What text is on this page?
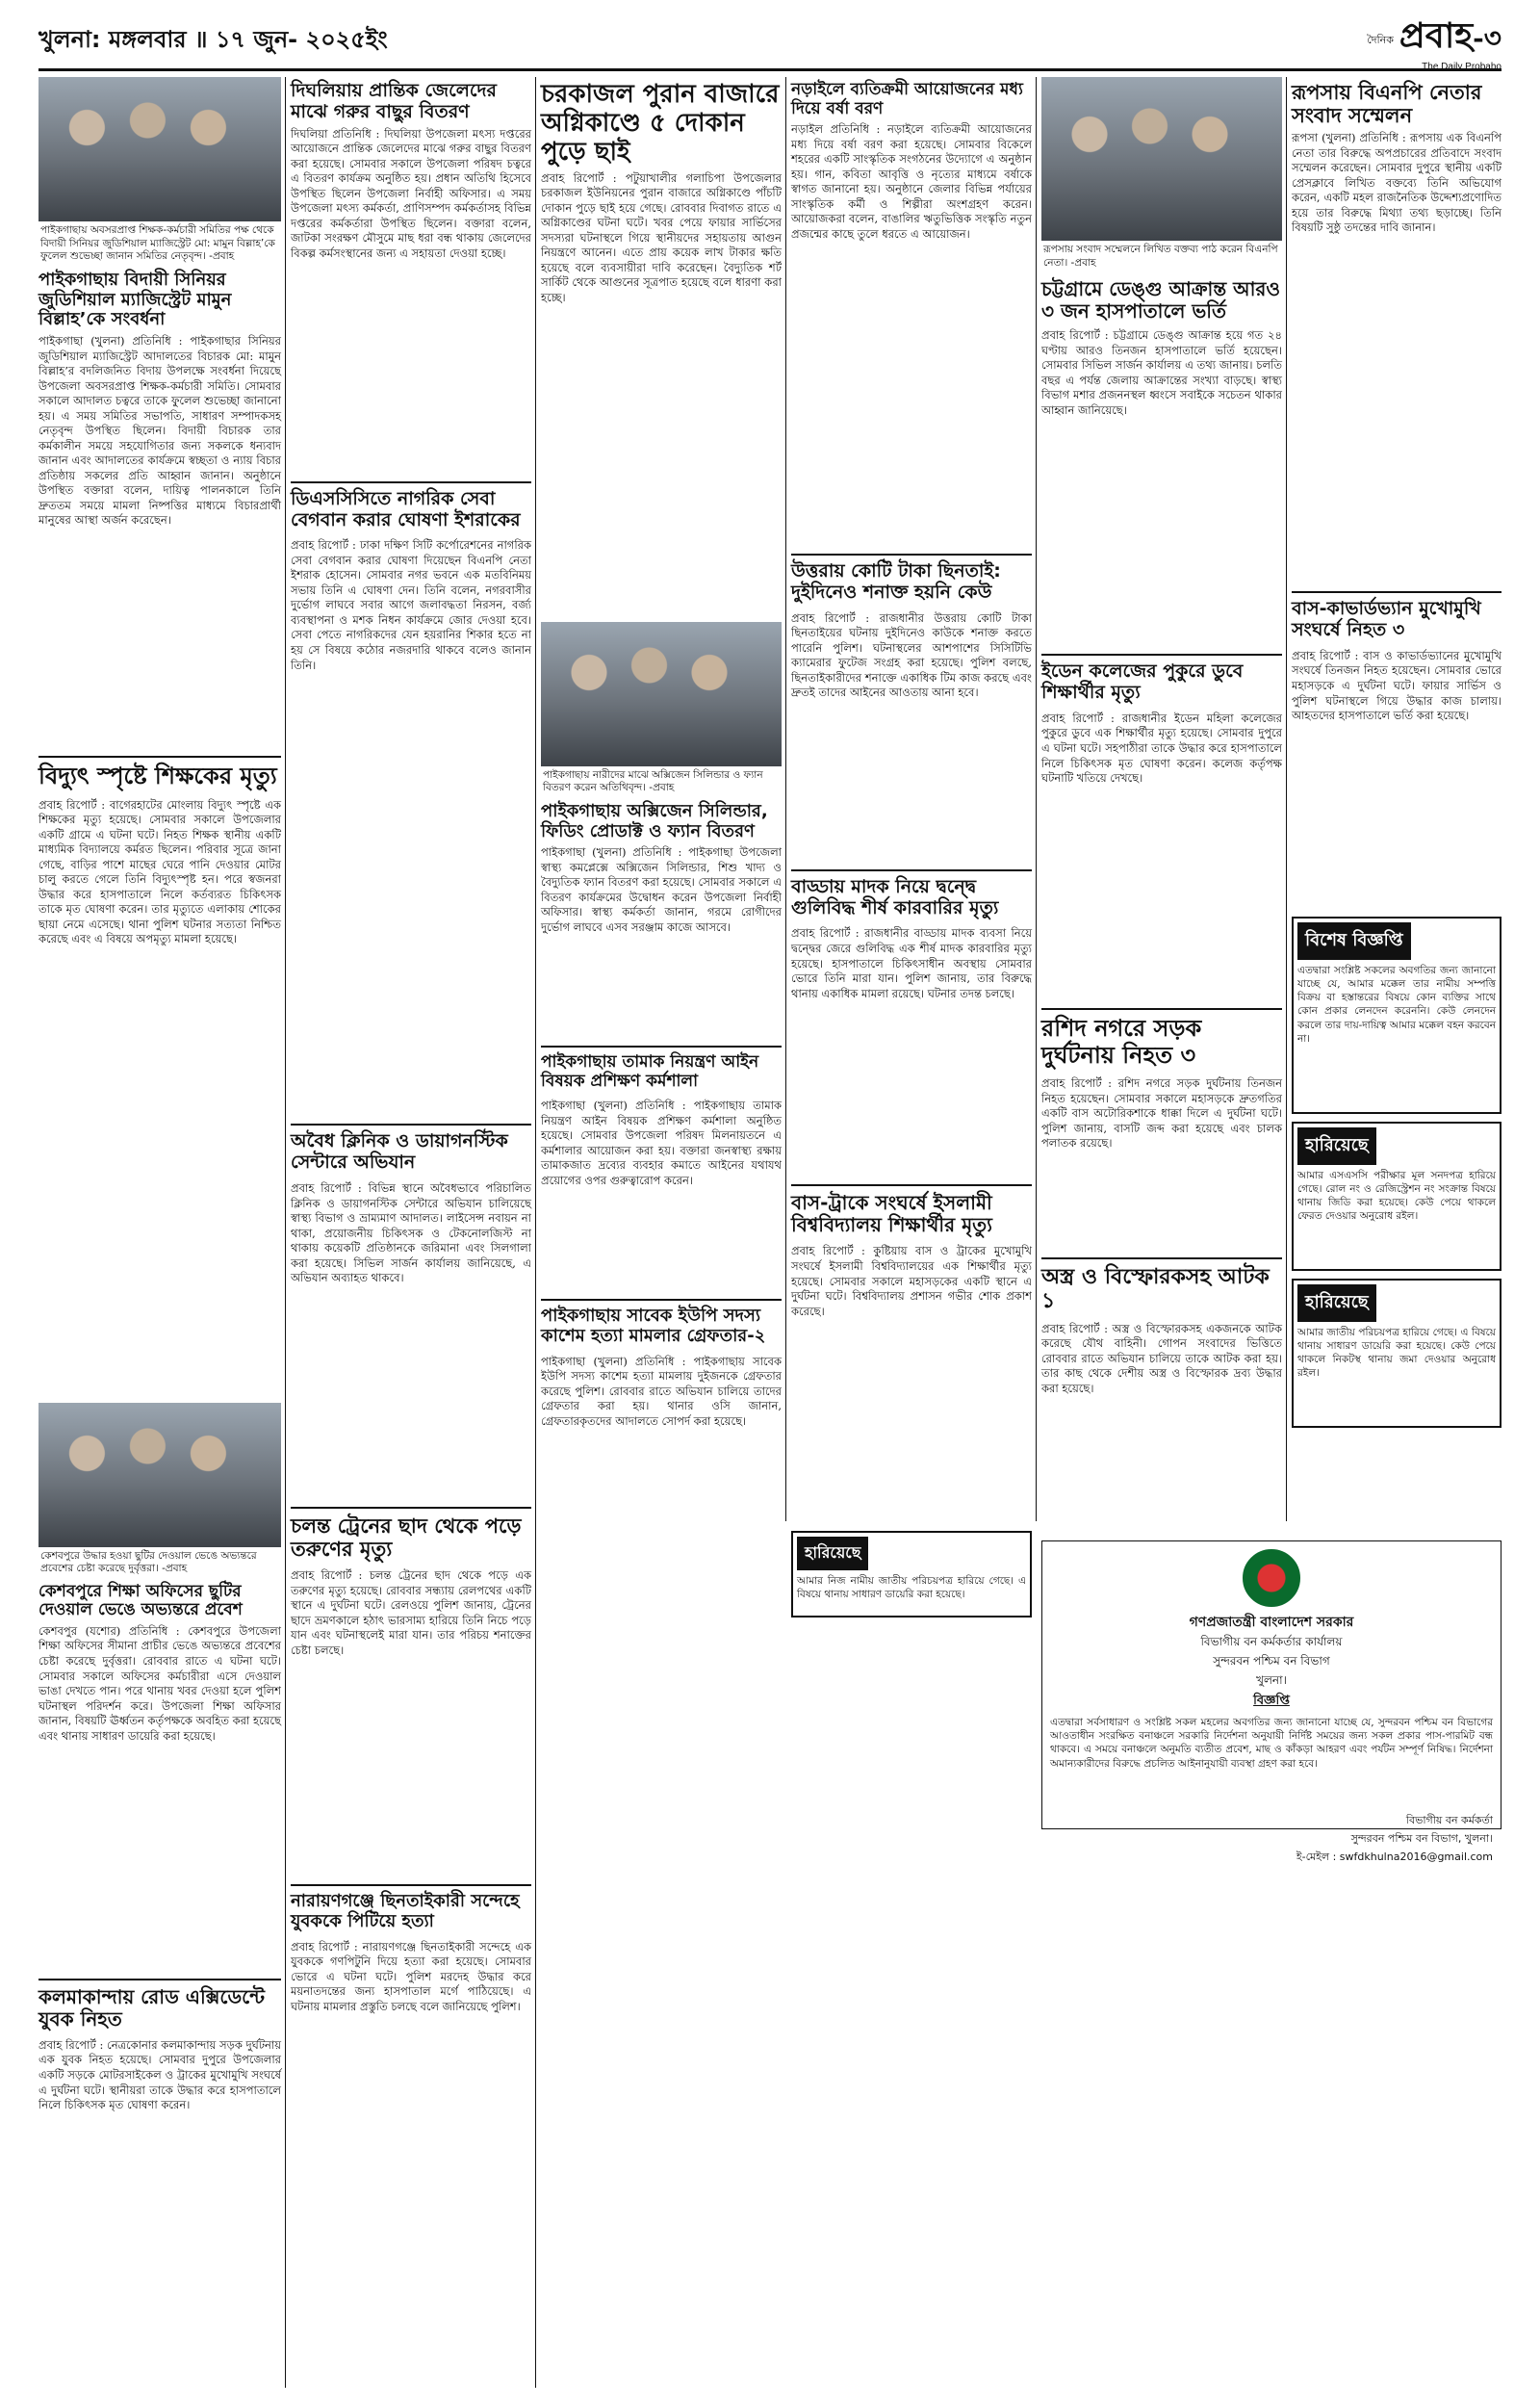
খুলনা: মঙ্গলবার ॥ ১৭ জুন- ২০২৫ইং	দৈনিক প্রবাহ-৩
The Daily Probaho
পাইকগাছায় অবসরপ্রাপ্ত শিক্ষক-কর্মচারী সমিতির পক্ষ থেকে বিদায়ী সিনিয়র জুডিশিয়াল ম্যাজিস্ট্রেট মো: মামুন বিল্লাহ’কে ফুলেল শুভেচ্ছা জানান সমিতির নেতৃবৃন্দ। -প্রবাহ
পাইকগাছায় বিদায়ী সিনিয়র জুডিশিয়াল ম্যাজিস্ট্রেট মামুন বিল্লাহ’কে সংবর্ধনা

পাইকগাছা (খুলনা) প্রতিনিধি : পাইকগাছার সিনিয়র জুডিশিয়াল ম্যাজিস্ট্রেট আদালতের বিচারক মো: মামুন বিল্লাহ’র বদলিজনিত বিদায় উপলক্ষে সংবর্ধনা দিয়েছে উপজেলা অবসরপ্রাপ্ত শিক্ষক-কর্মচারী সমিতি। সোমবার সকালে আদালত চত্বরে তাকে ফুলেল শুভেচ্ছা জানানো হয়। এ সময় সমিতির সভাপতি, সাধারণ সম্পাদকসহ নেতৃবৃন্দ উপস্থিত ছিলেন। বিদায়ী বিচারক তার কর্মকালীন সময়ে সহযোগিতার জন্য সকলকে ধন্যবাদ জানান এবং আদালতের কার্যক্রমে স্বচ্ছতা ও ন্যায় বিচার প্রতিষ্ঠায় সকলের প্রতি আহ্বান জানান। অনুষ্ঠানে উপস্থিত বক্তারা বলেন, দায়িত্ব পালনকালে তিনি দ্রুততম সময়ে মামলা নিষ্পত্তির মাধ্যমে বিচারপ্রার্থী মানুষের আস্থা অর্জন করেছেন।

বিদ্যুৎ স্পৃষ্টে শিক্ষকের মৃত্যু

প্রবাহ রিপোর্ট : বাগেরহাটের মোংলায় বিদ্যুৎ স্পৃষ্টে এক শিক্ষকের মৃত্যু হয়েছে। সোমবার সকালে উপজেলার একটি গ্রামে এ ঘটনা ঘটে। নিহত শিক্ষক স্থানীয় একটি মাধ্যমিক বিদ্যালয়ে কর্মরত ছিলেন। পরিবার সূত্রে জানা গেছে, বাড়ির পাশে মাছের ঘেরে পানি দেওয়ার মোটর চালু করতে গেলে তিনি বিদ্যুৎস্পৃষ্ট হন। পরে স্বজনরা উদ্ধার করে হাসপাতালে নিলে কর্তব্যরত চিকিৎসক তাকে মৃত ঘোষণা করেন। তার মৃত্যুতে এলাকায় শোকের ছায়া নেমে এসেছে। থানা পুলিশ ঘটনার সত্যতা নিশ্চিত করেছে এবং এ বিষয়ে অপমৃত্যু মামলা হয়েছে।

কেশবপুরে উদ্ধার হওয়া ছুটির দেওয়াল ভেঙে অভ্যন্তরে প্রবেশের চেষ্টা করেছে দুর্বৃত্তরা। -প্রবাহ
কেশবপুরে শিক্ষা অফিসের ছুটির দেওয়াল ভেঙে অভ্যন্তরে প্রবেশ

কেশবপুর (যশোর) প্রতিনিধি : কেশবপুরে উপজেলা শিক্ষা অফিসের সীমানা প্রাচীর ভেঙে অভ্যন্তরে প্রবেশের চেষ্টা করেছে দুর্বৃত্তরা। রোববার রাতে এ ঘটনা ঘটে। সোমবার সকালে অফিসের কর্মচারীরা এসে দেওয়াল ভাঙা দেখতে পান। পরে থানায় খবর দেওয়া হলে পুলিশ ঘটনাস্থল পরিদর্শন করে। উপজেলা শিক্ষা অফিসার জানান, বিষয়টি ঊর্ধ্বতন কর্তৃপক্ষকে অবহিত করা হয়েছে এবং থানায় সাধারণ ডায়েরি করা হয়েছে।

কলমাকান্দায় রোড এক্সিডেন্টে যুবক নিহত

প্রবাহ রিপোর্ট : নেত্রকোনার কলমাকান্দায় সড়ক দুর্ঘটনায় এক যুবক নিহত হয়েছে। সোমবার দুপুরে উপজেলার একটি সড়কে মোটরসাইকেল ও ট্রাকের মুখোমুখি সংঘর্ষে এ দুর্ঘটনা ঘটে। স্থানীয়রা তাকে উদ্ধার করে হাসপাতালে নিলে চিকিৎসক মৃত ঘোষণা করেন।

দিঘলিয়ায় প্রান্তিক জেলেদের মাঝে গরুর বাছুর বিতরণ

দিঘলিয়া প্রতিনিধি : দিঘলিয়া উপজেলা মৎস্য দপ্তরের আয়োজনে প্রান্তিক জেলেদের মাঝে গরুর বাছুর বিতরণ করা হয়েছে। সোমবার সকালে উপজেলা পরিষদ চত্বরে এ বিতরণ কার্যক্রম অনুষ্ঠিত হয়। প্রধান অতিথি হিসেবে উপস্থিত ছিলেন উপজেলা নির্বাহী অফিসার। এ সময় উপজেলা মৎস্য কর্মকর্তা, প্রাণিসম্পদ কর্মকর্তাসহ বিভিন্ন দপ্তরের কর্মকর্তারা উপস্থিত ছিলেন। বক্তারা বলেন, জাটকা সংরক্ষণ মৌসুমে মাছ ধরা বন্ধ থাকায় জেলেদের বিকল্প কর্মসংস্থানের জন্য এ সহায়তা দেওয়া হচ্ছে।

ডিএসসিসিতে নাগরিক সেবা বেগবান করার ঘোষণা ইশরাকের

প্রবাহ রিপোর্ট : ঢাকা দক্ষিণ সিটি কর্পোরেশনের নাগরিক সেবা বেগবান করার ঘোষণা দিয়েছেন বিএনপি নেতা ইশরাক হোসেন। সোমবার নগর ভবনে এক মতবিনিময় সভায় তিনি এ ঘোষণা দেন। তিনি বলেন, নগরবাসীর দুর্ভোগ লাঘবে সবার আগে জলাবদ্ধতা নিরসন, বর্জ্য ব্যবস্থাপনা ও মশক নিধন কার্যক্রমে জোর দেওয়া হবে। সেবা পেতে নাগরিকদের যেন হয়রানির শিকার হতে না হয় সে বিষয়ে কঠোর নজরদারি থাকবে বলেও জানান তিনি।

অবৈধ ক্লিনিক ও ডায়াগনস্টিক সেন্টারে অভিযান

প্রবাহ রিপোর্ট : বিভিন্ন স্থানে অবৈধভাবে পরিচালিত ক্লিনিক ও ডায়াগনস্টিক সেন্টারে অভিযান চালিয়েছে স্বাস্থ্য বিভাগ ও ভ্রাম্যমাণ আদালত। লাইসেন্স নবায়ন না থাকা, প্রয়োজনীয় চিকিৎসক ও টেকনোলজিস্ট না থাকায় কয়েকটি প্রতিষ্ঠানকে জরিমানা এবং সিলগালা করা হয়েছে। সিভিল সার্জন কার্যালয় জানিয়েছে, এ অভিযান অব্যাহত থাকবে।

চলন্ত ট্রেনের ছাদ থেকে পড়ে তরুণের মৃত্যু

প্রবাহ রিপোর্ট : চলন্ত ট্রেনের ছাদ থেকে পড়ে এক তরুণের মৃত্যু হয়েছে। রোববার সন্ধ্যায় রেলপথের একটি স্থানে এ দুর্ঘটনা ঘটে। রেলওয়ে পুলিশ জানায়, ট্রেনের ছাদে ভ্রমণকালে হঠাৎ ভারসাম্য হারিয়ে তিনি নিচে পড়ে যান এবং ঘটনাস্থলেই মারা যান। তার পরিচয় শনাক্তের চেষ্টা চলছে।

নারায়ণগঞ্জে ছিনতাইকারী সন্দেহে যুবককে পিটিয়ে হত্যা

প্রবাহ রিপোর্ট : নারায়ণগঞ্জে ছিনতাইকারী সন্দেহে এক যুবককে গণপিটুনি দিয়ে হত্যা করা হয়েছে। সোমবার ভোরে এ ঘটনা ঘটে। পুলিশ মরদেহ উদ্ধার করে ময়নাতদন্তের জন্য হাসপাতাল মর্গে পাঠিয়েছে। এ ঘটনায় মামলার প্রস্তুতি চলছে বলে জানিয়েছে পুলিশ।

চরকাজল পুরান বাজারে অগ্নিকাণ্ডে ৫ দোকান পুড়ে ছাই

প্রবাহ রিপোর্ট : পটুয়াখালীর গলাচিপা উপজেলার চরকাজল ইউনিয়নের পুরান বাজারে অগ্নিকাণ্ডে পাঁচটি দোকান পুড়ে ছাই হয়ে গেছে। রোববার দিবাগত রাতে এ অগ্নিকাণ্ডের ঘটনা ঘটে। খবর পেয়ে ফায়ার সার্ভিসের সদস্যরা ঘটনাস্থলে গিয়ে স্থানীয়দের সহায়তায় আগুন নিয়ন্ত্রণে আনেন। এতে প্রায় কয়েক লাখ টাকার ক্ষতি হয়েছে বলে ব্যবসায়ীরা দাবি করেছেন। বৈদ্যুতিক শর্ট সার্কিট থেকে আগুনের সূত্রপাত হয়েছে বলে ধারণা করা হচ্ছে।

পাইকগাছায় নারীদের মাঝে অক্সিজেন সিলিন্ডার ও ফ্যান বিতরণ করেন অতিথিবৃন্দ। -প্রবাহ
পাইকগাছায় অক্সিজেন সিলিন্ডার, ফিডিং প্রোডাক্ট ও ফ্যান বিতরণ

পাইকগাছা (খুলনা) প্রতিনিধি : পাইকগাছা উপজেলা স্বাস্থ্য কমপ্লেক্সে অক্সিজেন সিলিন্ডার, শিশু খাদ্য ও বৈদ্যুতিক ফ্যান বিতরণ করা হয়েছে। সোমবার সকালে এ বিতরণ কার্যক্রমের উদ্বোধন করেন উপজেলা নির্বাহী অফিসার। স্বাস্থ্য কর্মকর্তা জানান, গরমে রোগীদের দুর্ভোগ লাঘবে এসব সরঞ্জাম কাজে আসবে।

পাইকগাছায় তামাক নিয়ন্ত্রণ আইন বিষয়ক প্রশিক্ষণ কর্মশালা

পাইকগাছা (খুলনা) প্রতিনিধি : পাইকগাছায় তামাক নিয়ন্ত্রণ আইন বিষয়ক প্রশিক্ষণ কর্মশালা অনুষ্ঠিত হয়েছে। সোমবার উপজেলা পরিষদ মিলনায়তনে এ কর্মশালার আয়োজন করা হয়। বক্তারা জনস্বাস্থ্য রক্ষায় তামাকজাত দ্রব্যের ব্যবহার কমাতে আইনের যথাযথ প্রয়োগের ওপর গুরুত্বারোপ করেন।

পাইকগাছায় সাবেক ইউপি সদস্য কাশেম হত্যা মামলার গ্রেফতার-২

পাইকগাছা (খুলনা) প্রতিনিধি : পাইকগাছায় সাবেক ইউপি সদস্য কাশেম হত্যা মামলায় দুইজনকে গ্রেফতার করেছে পুলিশ। রোববার রাতে অভিযান চালিয়ে তাদের গ্রেফতার করা হয়। থানার ওসি জানান, গ্রেফতারকৃতদের আদালতে সোপর্দ করা হয়েছে।

নড়াইলে ব্যতিক্রমী আয়োজনের মধ্য দিয়ে বর্ষা বরণ

নড়াইল প্রতিনিধি : নড়াইলে ব্যতিক্রমী আয়োজনের মধ্য দিয়ে বর্ষা বরণ করা হয়েছে। সোমবার বিকেলে শহরের একটি সাংস্কৃতিক সংগঠনের উদ্যোগে এ অনুষ্ঠান হয়। গান, কবিতা আবৃত্তি ও নৃত্যের মাধ্যমে বর্ষাকে স্বাগত জানানো হয়। অনুষ্ঠানে জেলার বিভিন্ন পর্যায়ের সাংস্কৃতিক কর্মী ও শিল্পীরা অংশগ্রহণ করেন। আয়োজকরা বলেন, বাঙালির ঋতুভিত্তিক সংস্কৃতি নতুন প্রজন্মের কাছে তুলে ধরতে এ আয়োজন।

উত্তরায় কোটি টাকা ছিনতাই: দুইদিনেও শনাক্ত হয়নি কেউ

প্রবাহ রিপোর্ট : রাজধানীর উত্তরায় কোটি টাকা ছিনতাইয়ের ঘটনায় দুইদিনেও কাউকে শনাক্ত করতে পারেনি পুলিশ। ঘটনাস্থলের আশপাশের সিসিটিভি ক্যামেরার ফুটেজ সংগ্রহ করা হয়েছে। পুলিশ বলছে, ছিনতাইকারীদের শনাক্তে একাধিক টিম কাজ করছে এবং দ্রুতই তাদের আইনের আওতায় আনা হবে।

বাড্ডায় মাদক নিয়ে দ্বন্দ্বে গুলিবিদ্ধ শীর্ষ কারবারির মৃত্যু

প্রবাহ রিপোর্ট : রাজধানীর বাড্ডায় মাদক ব্যবসা নিয়ে দ্বন্দ্বের জেরে গুলিবিদ্ধ এক শীর্ষ মাদক কারবারির মৃত্যু হয়েছে। হাসপাতালে চিকিৎসাধীন অবস্থায় সোমবার ভোরে তিনি মারা যান। পুলিশ জানায়, তার বিরুদ্ধে থানায় একাধিক মামলা রয়েছে। ঘটনার তদন্ত চলছে।

বাস-ট্রাকে সংঘর্ষে ইসলামী বিশ্ববিদ্যালয় শিক্ষার্থীর মৃত্যু

প্রবাহ রিপোর্ট : কুষ্টিয়ায় বাস ও ট্রাকের মুখোমুখি সংঘর্ষে ইসলামী বিশ্ববিদ্যালয়ের এক শিক্ষার্থীর মৃত্যু হয়েছে। সোমবার সকালে মহাসড়কের একটি স্থানে এ দুর্ঘটনা ঘটে। বিশ্ববিদ্যালয় প্রশাসন গভীর শোক প্রকাশ করেছে।

রূপসায় সংবাদ সম্মেলনে লিখিত বক্তব্য পাঠ করেন বিএনপি নেতা। -প্রবাহ
চট্টগ্রামে ডেঙ্গু আক্রান্ত আরও ৩ জন হাসপাতালে ভর্তি

প্রবাহ রিপোর্ট : চট্টগ্রামে ডেঙ্গু আক্রান্ত হয়ে গত ২৪ ঘণ্টায় আরও তিনজন হাসপাতালে ভর্তি হয়েছেন। সোমবার সিভিল সার্জন কার্যালয় এ তথ্য জানায়। চলতি বছর এ পর্যন্ত জেলায় আক্রান্তের সংখ্যা বাড়ছে। স্বাস্থ্য বিভাগ মশার প্রজননস্থল ধ্বংসে সবাইকে সচেতন থাকার আহ্বান জানিয়েছে।

ইডেন কলেজের পুকুরে ডুবে শিক্ষার্থীর মৃত্যু

প্রবাহ রিপোর্ট : রাজধানীর ইডেন মহিলা কলেজের পুকুরে ডুবে এক শিক্ষার্থীর মৃত্যু হয়েছে। সোমবার দুপুরে এ ঘটনা ঘটে। সহপাঠীরা তাকে উদ্ধার করে হাসপাতালে নিলে চিকিৎসক মৃত ঘোষণা করেন। কলেজ কর্তৃপক্ষ ঘটনাটি খতিয়ে দেখছে।

রশিদ নগরে সড়ক দুর্ঘটনায় নিহত ৩

প্রবাহ রিপোর্ট : রশিদ নগরে সড়ক দুর্ঘটনায় তিনজন নিহত হয়েছেন। সোমবার সকালে মহাসড়কে দ্রুতগতির একটি বাস অটোরিকশাকে ধাক্কা দিলে এ দুর্ঘটনা ঘটে। পুলিশ জানায়, বাসটি জব্দ করা হয়েছে এবং চালক পলাতক রয়েছে।

অস্ত্র ও বিস্ফোরকসহ আটক ১

প্রবাহ রিপোর্ট : অস্ত্র ও বিস্ফোরকসহ একজনকে আটক করেছে যৌথ বাহিনী। গোপন সংবাদের ভিত্তিতে রোববার রাতে অভিযান চালিয়ে তাকে আটক করা হয়। তার কাছ থেকে দেশীয় অস্ত্র ও বিস্ফোরক দ্রব্য উদ্ধার করা হয়েছে।

রূপসায় বিএনপি নেতার সংবাদ সম্মেলন

রূপসা (খুলনা) প্রতিনিধি : রূপসায় এক বিএনপি নেতা তার বিরুদ্ধে অপপ্রচারের প্রতিবাদে সংবাদ সম্মেলন করেছেন। সোমবার দুপুরে স্থানীয় একটি প্রেসক্লাবে লিখিত বক্তব্যে তিনি অভিযোগ করেন, একটি মহল রাজনৈতিক উদ্দেশ্যপ্রণোদিত হয়ে তার বিরুদ্ধে মিথ্যা তথ্য ছড়াচ্ছে। তিনি বিষয়টি সুষ্ঠু তদন্তের দাবি জানান।

বাস-কাভার্ডভ্যান মুখোমুখি সংঘর্ষে নিহত ৩

প্রবাহ রিপোর্ট : বাস ও কাভার্ডভ্যানের মুখোমুখি সংঘর্ষে তিনজন নিহত হয়েছেন। সোমবার ভোরে মহাসড়কে এ দুর্ঘটনা ঘটে। ফায়ার সার্ভিস ও পুলিশ ঘটনাস্থলে গিয়ে উদ্ধার কাজ চালায়। আহতদের হাসপাতালে ভর্তি করা হয়েছে।

বিশেষ বিজ্ঞপ্তি

এতদ্বারা সংশ্লিষ্ট সকলের অবগতির জন্য জানানো যাচ্ছে যে, আমার মক্কেল তার নামীয় সম্পত্তি বিক্রয় বা হস্তান্তরের বিষয়ে কোন ব্যক্তির সাথে কোন প্রকার লেনদেন করেননি। কেউ লেনদেন করলে তার দায়-দায়িত্ব আমার মক্কেল বহন করবেন না।

হারিয়েছে

আমার এসএসসি পরীক্ষার মূল সনদপত্র হারিয়ে গেছে। রোল নং ও রেজিস্ট্রেশন নং সংক্রান্ত বিষয়ে থানায় জিডি করা হয়েছে। কেউ পেয়ে থাকলে ফেরত দেওয়ার অনুরোধ রইল।

হারিয়েছে

আমার জাতীয় পরিচয়পত্র হারিয়ে গেছে। এ বিষয়ে থানায় সাধারণ ডায়েরি করা হয়েছে। কেউ পেয়ে থাকলে নিকটস্থ থানায় জমা দেওয়ার অনুরোধ রইল।

হারিয়েছে

আমার নিজ নামীয় জাতীয় পরিচয়পত্র হারিয়ে গেছে। এ বিষয়ে থানায় সাধারণ ডায়েরি করা হয়েছে।

গণপ্রজাতন্ত্রী বাংলাদেশ সরকার
বিভাগীয় বন কর্মকর্তার কার্যালয়
সুন্দরবন পশ্চিম বন বিভাগ
খুলনা।
বিজ্ঞপ্তি

এতদ্বারা সর্বসাধারণ ও সংশ্লিষ্ট সকল মহলের অবগতির জন্য জানানো যাচ্ছে যে, সুন্দরবন পশ্চিম বন বিভাগের আওতাধীন সংরক্ষিত বনাঞ্চলে সরকারি নির্দেশনা অনুযায়ী নির্দিষ্ট সময়ের জন্য সকল প্রকার পাস-পারমিট বন্ধ থাকবে। এ সময়ে বনাঞ্চলে অনুমতি ব্যতীত প্রবেশ, মাছ ও কাঁকড়া আহরণ এবং পর্যটন সম্পূর্ণ নিষিদ্ধ। নির্দেশনা অমান্যকারীদের বিরুদ্ধে প্রচলিত আইনানুযায়ী ব্যবস্থা গ্রহণ করা হবে।

বিভাগীয় বন কর্মকর্তা
সুন্দরবন পশ্চিম বন বিভাগ, খুলনা।
ই-মেইল : swfdkhulna2016@gmail.com
